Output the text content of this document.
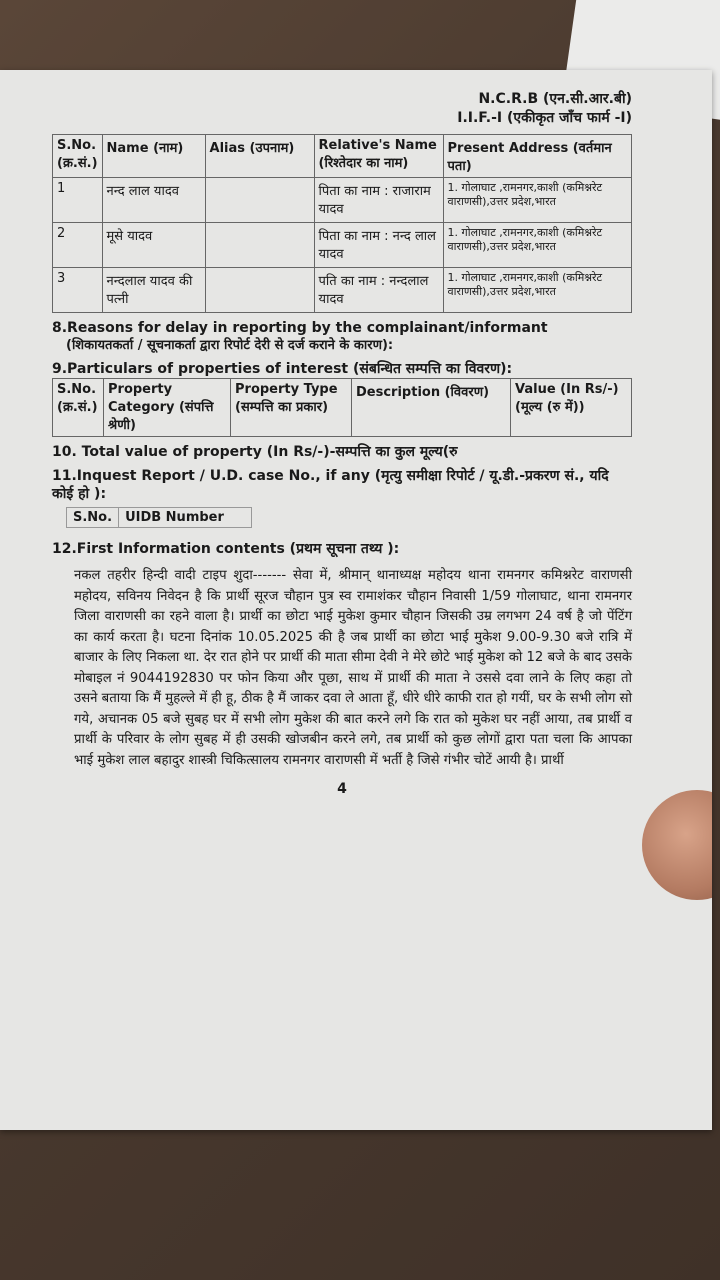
N.C.R.B (एन.सी.आर.बी)
I.I.F.-I (एकीकृत जाँच फार्म -I)
S.No. (क्र.सं.)	Name (नाम)	Alias (उपनाम)	Relative's Name (रिश्तेदार का नाम)	Present Address (वर्तमान पता)
1	नन्द लाल यादव		पिता का नाम : राजाराम यादव	1. गोलाघाट ,रामनगर,काशी (कमिश्नरेट वाराणसी),उत्तर प्रदेश,भारत
2	मूसे यादव		पिता का नाम : नन्द लाल यादव	1. गोलाघाट ,रामनगर,काशी (कमिश्नरेट वाराणसी),उत्तर प्रदेश,भारत
3	नन्दलाल यादव की पत्नी		पति का नाम : नन्दलाल यादव	1. गोलाघाट ,रामनगर,काशी (कमिश्नरेट वाराणसी),उत्तर प्रदेश,भारत
8.Reasons for delay in reporting by the complainant/informant
(शिकायतकर्ता / सूचनाकर्ता द्वारा रिपोर्ट देरी से दर्ज कराने के कारण):
9.Particulars of properties of interest (संबन्धित सम्पत्ति का विवरण):
S.No. (क्र.सं.)	Property Category (संपत्ति श्रेणी)	Property Type (सम्पत्ति का प्रकार)	Description (विवरण)	Value (In Rs/-) (मूल्य (रु में))
10. Total value of property (In Rs/-)-सम्पत्ति का कुल मूल्य(रु
11.Inquest Report / U.D. case No., if any (मृत्यु समीक्षा रिपोर्ट / यू.डी.-प्रकरण सं., यदि कोई हो ):
S.No.	UIDB Number
12.First Information contents (प्रथम सूचना तथ्य ):
नकल तहरीर हिन्दी वादी टाइप शुदा------- सेवा में, श्रीमान् थानाध्यक्ष महोदय थाना रामनगर कमिश्नरेट वाराणसी महोदय, सविनय निवेदन है कि प्रार्थी सूरज चौहान पुत्र स्व रामाशंकर चौहान निवासी 1/59 गोलाघाट, थाना रामनगर जिला वाराणसी का रहने वाला है। प्रार्थी का छोटा भाई मुकेश कुमार चौहान जिसकी उम्र लगभग 24 वर्ष है जो पेंटिंग का कार्य करता है। घटना दिनांक 10.05.2025 की है जब प्रार्थी का छोटा भाई मुकेश 9.00-9.30 बजे रात्रि में बाजार के लिए निकला था. देर रात होने पर प्रार्थी की माता सीमा देवी ने मेरे छोटे भाई मुकेश को 12 बजे के बाद उसके मोबाइल नं 9044192830 पर फोन किया और पूछा, साथ में प्रार्थी की माता ने उससे दवा लाने के लिए कहा तो उसने बताया कि मैं मुहल्ले में ही हू, ठीक है मैं जाकर दवा ले आता हूँ, धीरे धीरे काफी रात हो गयीं, घर के सभी लोग सो गये, अचानक 05 बजे सुबह घर में सभी लोग मुकेश की बात करने लगे कि रात को मुकेश घर नहीं आया, तब प्रार्थी व प्रार्थी के परिवार के लोग सुबह में ही उसकी खोजबीन करने लगे, तब प्रार्थी को कुछ लोगों द्वारा पता चला कि आपका भाई मुकेश लाल बहादुर शास्त्री चिकित्सालय रामनगर वाराणसी में भर्ती है जिसे गंभीर चोटें आयी है। प्रार्थी
4
